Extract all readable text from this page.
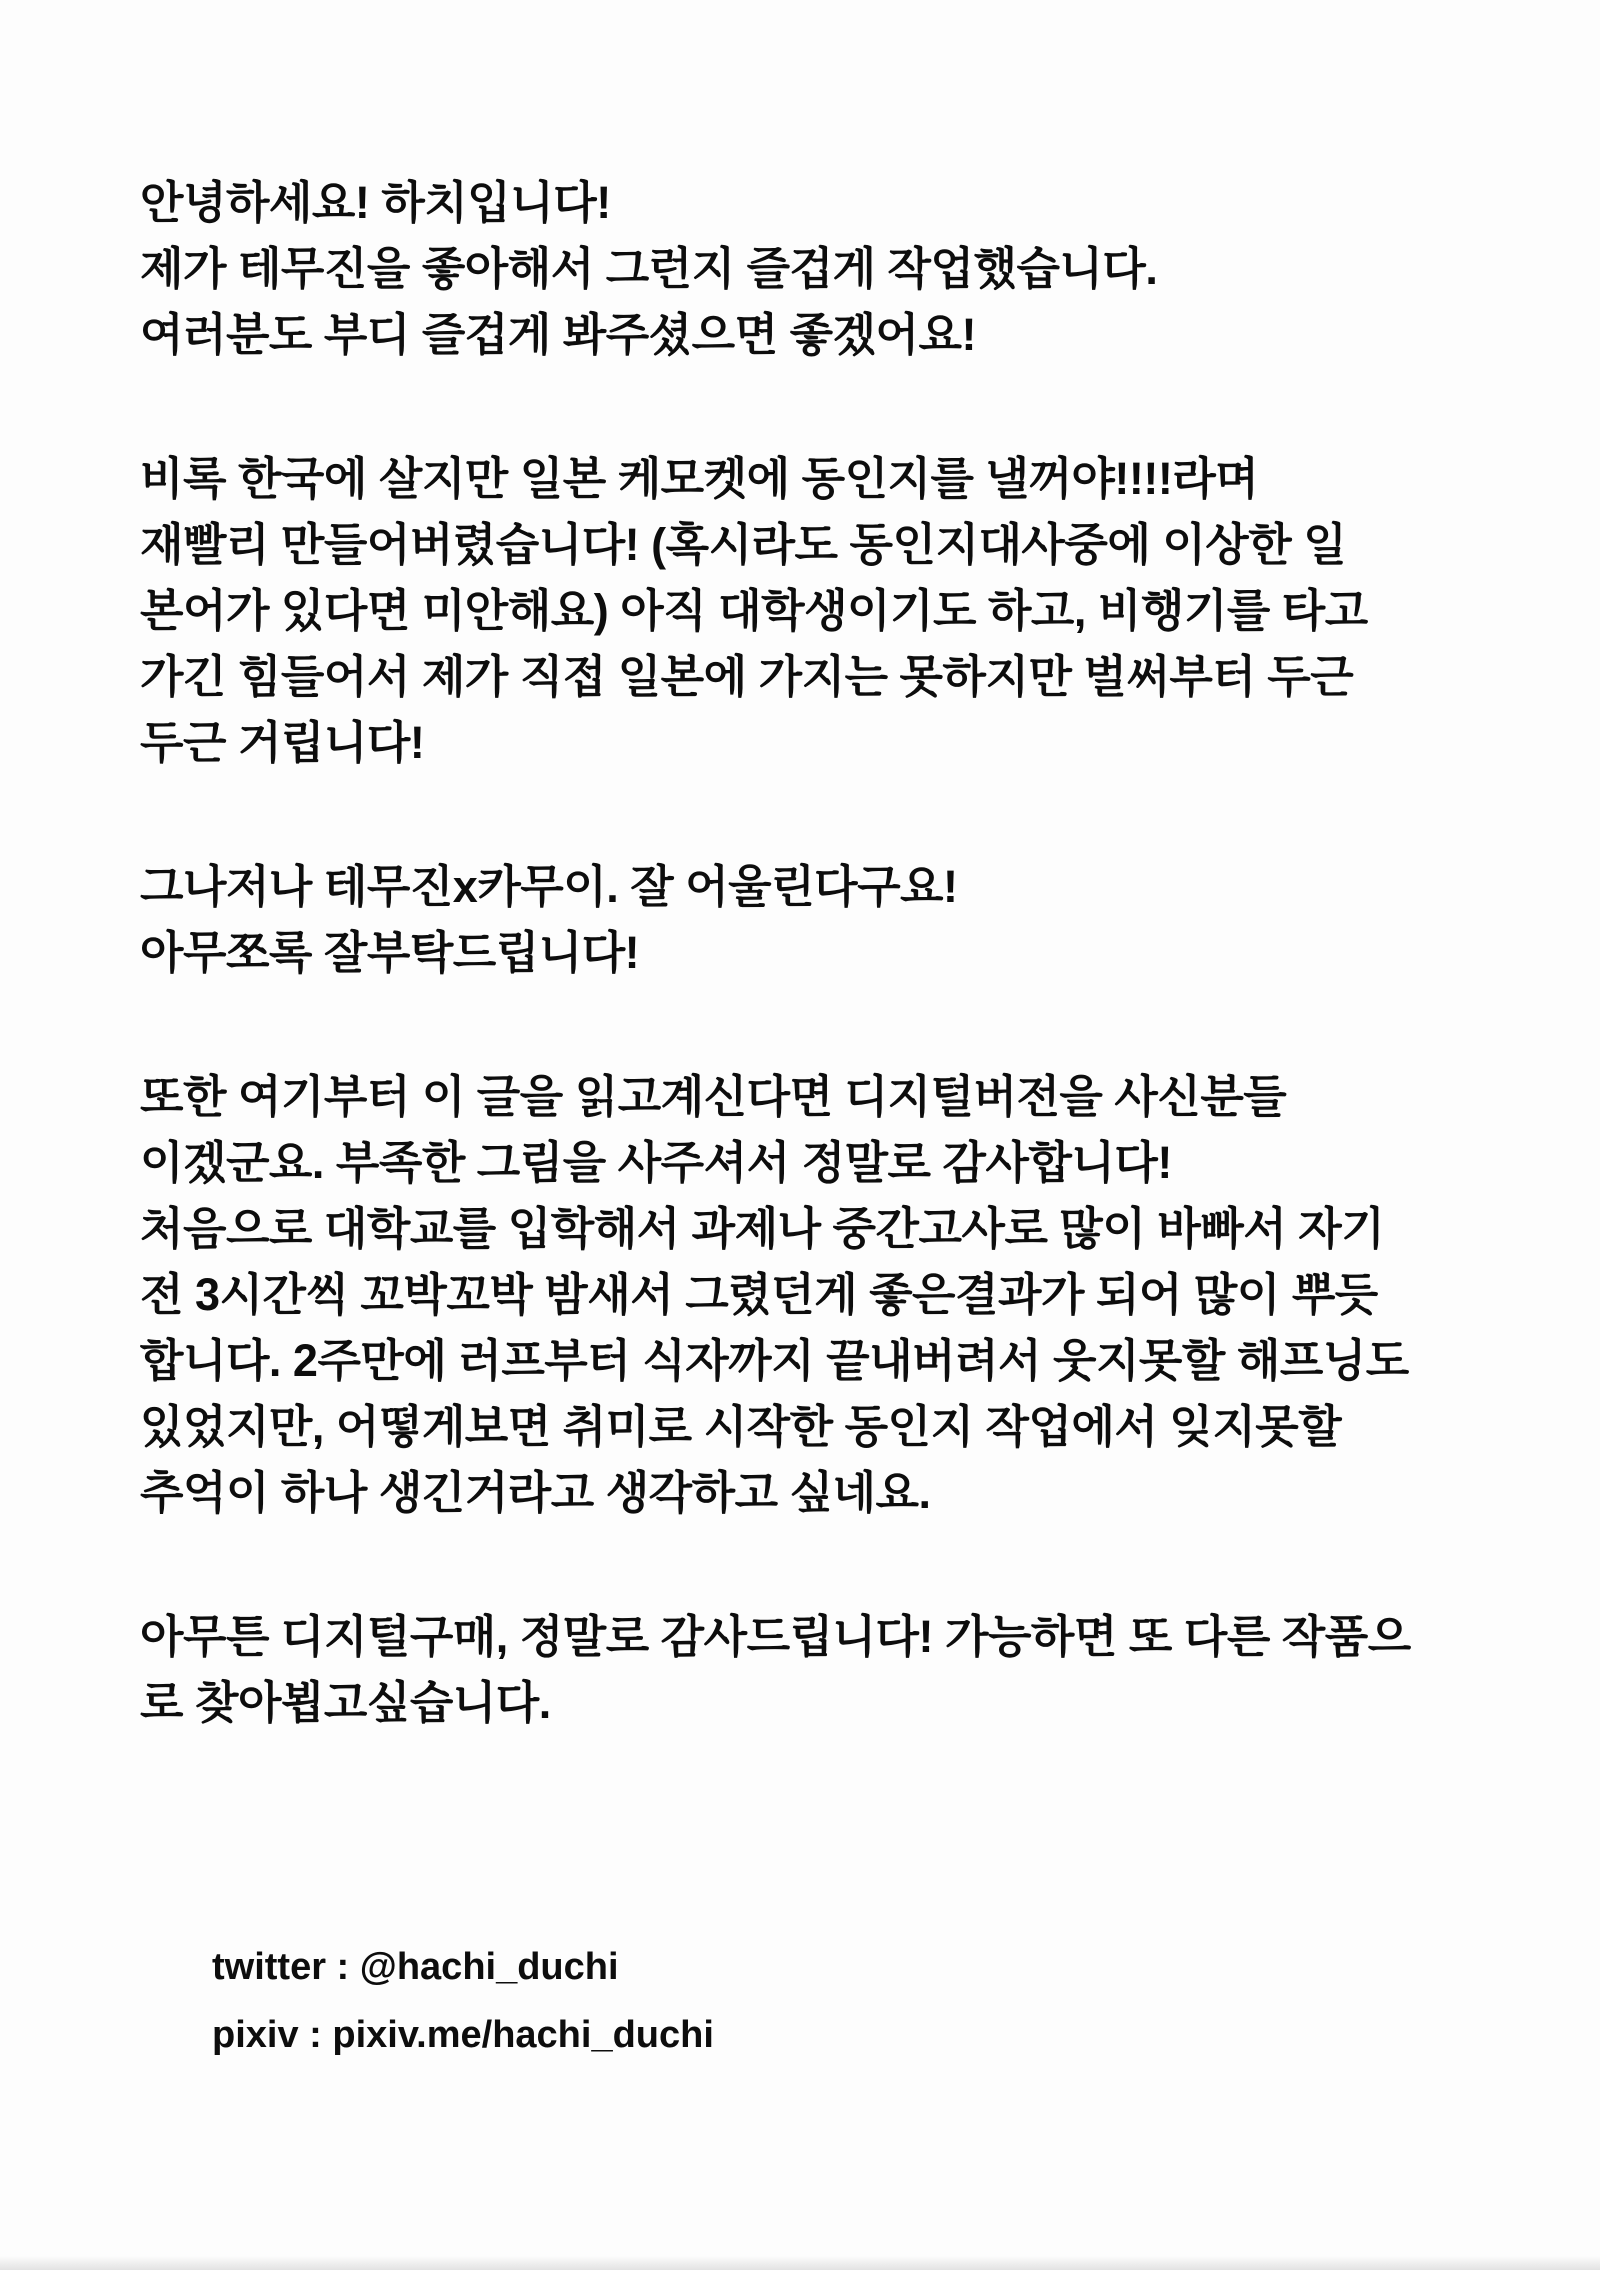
안녕하세요! 하치입니다!
제가 테무진을 좋아해서 그런지 즐겁게 작업했습니다.
여러분도 부디 즐겁게 봐주셨으면 좋겠어요!
비록 한국에 살지만 일본 케모켓에 동인지를 낼꺼야!!!!라며
재빨리 만들어버렸습니다! (혹시라도 동인지대사중에 이상한 일
본어가 있다면 미안해요) 아직 대학생이기도 하고, 비행기를 타고
가긴 힘들어서 제가 직접 일본에 가지는 못하지만 벌써부터 두근
두근 거립니다!
그나저나 테무진x카무이. 잘 어울린다구요!
아무쪼록 잘부탁드립니다!
또한 여기부터 이 글을 읽고계신다면 디지털버전을 사신분들
이겠군요. 부족한 그림을 사주셔서 정말로 감사합니다!
처음으로 대학교를 입학해서 과제나 중간고사로 많이 바빠서 자기
전 3시간씩 꼬박꼬박 밤새서 그렸던게 좋은결과가 되어 많이 뿌듯
합니다. 2주만에 러프부터 식자까지 끝내버려서 웃지못할 해프닝도
있었지만, 어떻게보면 취미로 시작한 동인지 작업에서 잊지못할
추억이 하나 생긴거라고 생각하고 싶네요.
아무튼 디지털구매, 정말로 감사드립니다! 가능하면 또 다른 작품으
로 찾아뵙고싶습니다.
twitter : @hachi_duchi
pixiv : pixiv.me/hachi_duchi
